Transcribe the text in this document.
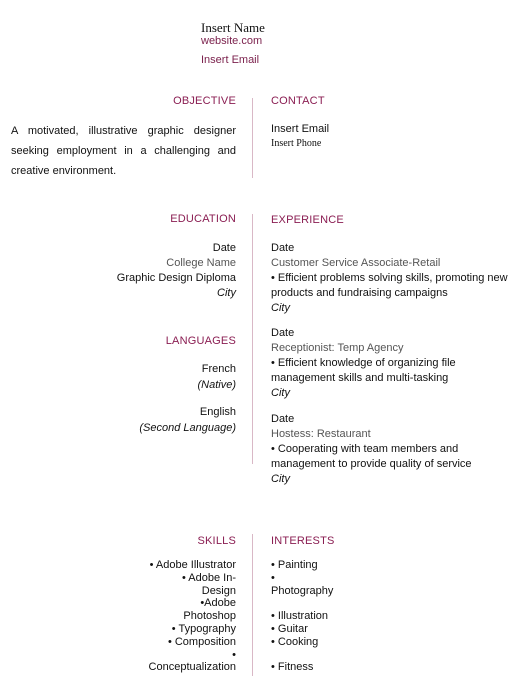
Insert Name
website.com
Insert Email
OBJECTIVE
A motivated, illustrative graphic designer seeking employment in a challenging and creative environment.
CONTACT
Insert Email
Insert Phone
EDUCATION
Date
College Name
Graphic Design Diploma
City
LANGUAGES
French
(Native)
English
(Second Language)
EXPERIENCE
Date
Customer Service Associate-Retail
• Efficient problems solving skills, promoting new
products and fundraising campaigns
City
Date
Receptionist: Temp Agency
• Efficient knowledge of organizing file
management skills and multi-tasking
City
Date
Hostess: Restaurant
• Cooperating with team members and
management to provide quality of service
City
SKILLS
• Adobe Illustrator
• Adobe In-
Design
•Adobe
Photoshop
• Typography
• Composition
•
Conceptualization
INTERESTS
• Painting
•
Photography
• Illustration
• Guitar
• Cooking
• Fitness
